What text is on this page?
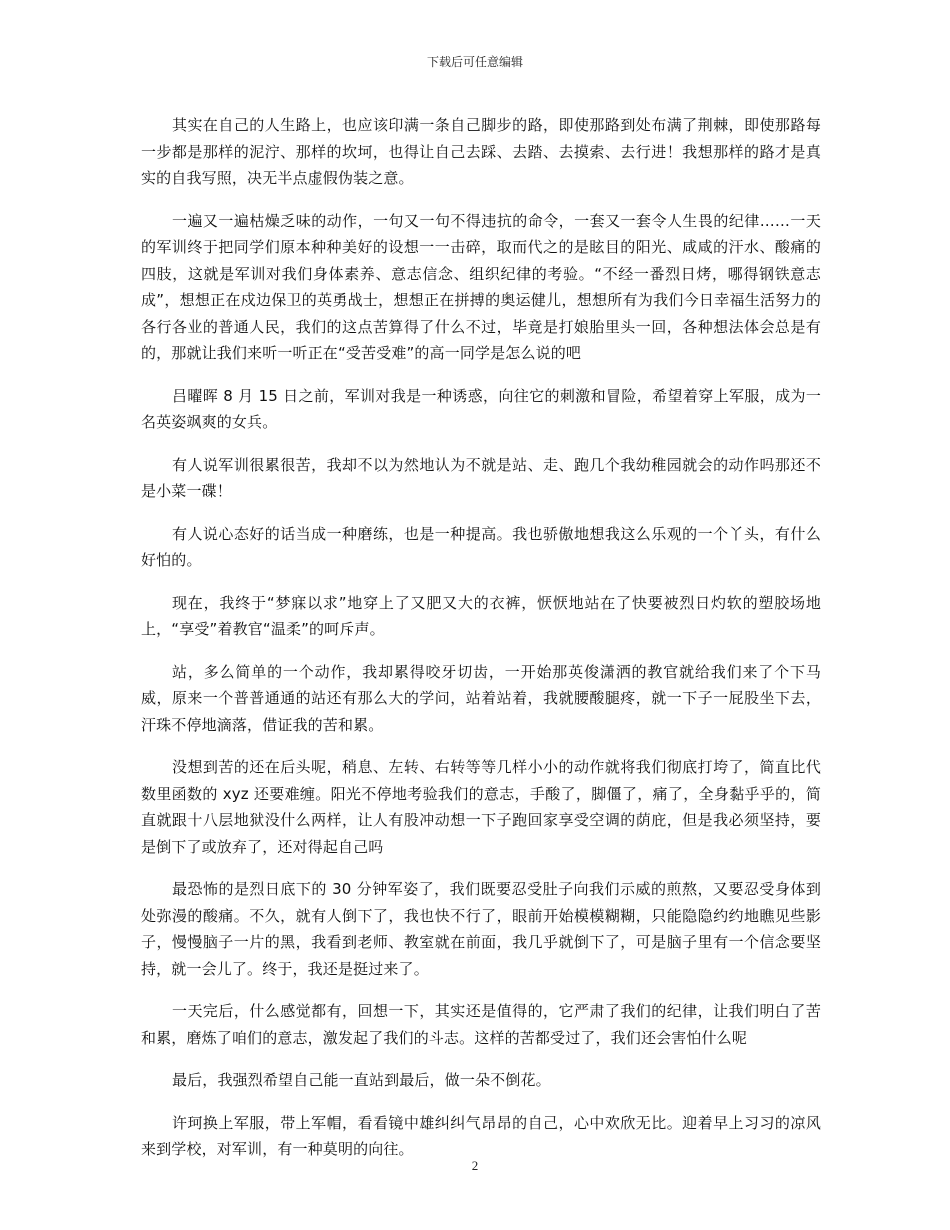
下载后可任意编辑

其实在自己的人生路上，也应该印满一条自己脚步的路，即使那路到处布满了荆棘，即使那路每一步都是那样的泥泞、那样的坎坷，也得让自己去踩、去踏、去摸索、去行进！我想那样的路才是真实的自我写照，决无半点虚假伪装之意。

一遍又一遍枯燥乏味的动作，一句又一句不得违抗的命令，一套又一套令人生畏的纪律……一天的军训终于把同学们原本种种美好的设想一一击碎，取而代之的是眩目的阳光、咸咸的汗水、酸痛的四肢，这就是军训对我们身体素养、意志信念、组织纪律的考验。“不经一番烈日烤，哪得钢铁意志成”，想想正在戍边保卫的英勇战士，想想正在拼搏的奥运健儿，想想所有为我们今日幸福生活努力的各行各业的普通人民，我们的这点苦算得了什么不过，毕竟是打娘胎里头一回，各种想法体会总是有的，那就让我们来听一听正在“受苦受难”的高一同学是怎么说的吧

吕曜晖 8 月 15 日之前，军训对我是一种诱惑，向往它的刺激和冒险，希望着穿上军服，成为一名英姿飒爽的女兵。

有人说军训很累很苦，我却不以为然地认为不就是站、走、跑几个我幼稚园就会的动作吗那还不是小菜一碟！

有人说心态好的话当成一种磨练，也是一种提高。我也骄傲地想我这么乐观的一个丫头，有什么好怕的。

现在，我终于“梦寐以求”地穿上了又肥又大的衣裤，恹恹地站在了快要被烈日灼软的塑胶场地上，“享受”着教官“温柔”的呵斥声。

站，多么简单的一个动作，我却累得咬牙切齿，一开始那英俊潇洒的教官就给我们来了个下马威，原来一个普普通通的站还有那么大的学问，站着站着，我就腰酸腿疼，就一下子一屁股坐下去，汗珠不停地滴落，借证我的苦和累。

没想到苦的还在后头呢，稍息、左转、右转等等几样小小的动作就将我们彻底打垮了，简直比代数里函数的 xyz 还要难缠。阳光不停地考验我们的意志，手酸了，脚僵了，痛了，全身黏乎乎的，简直就跟十八层地狱没什么两样，让人有股冲动想一下子跑回家享受空调的荫庇，但是我必须坚持，要是倒下了或放弃了，还对得起自己吗

最恐怖的是烈日底下的 30 分钟军姿了，我们既要忍受肚子向我们示威的煎熬，又要忍受身体到处弥漫的酸痛。不久，就有人倒下了，我也快不行了，眼前开始模模糊糊，只能隐隐约约地瞧见些影子，慢慢脑子一片的黑，我看到老师、教室就在前面，我几乎就倒下了，可是脑子里有一个信念要坚持，就一会儿了。终于，我还是挺过来了。

一天完后，什么感觉都有，回想一下，其实还是值得的，它严肃了我们的纪律，让我们明白了苦和累，磨炼了咱们的意志，激发起了我们的斗志。这样的苦都受过了，我们还会害怕什么呢

最后，我强烈希望自己能一直站到最后，做一朵不倒花。

许珂换上军服，带上军帽，看看镜中雄纠纠气昂昂的自己，心中欢欣无比。迎着早上习习的凉风来到学校，对军训，有一种莫明的向往。

2
